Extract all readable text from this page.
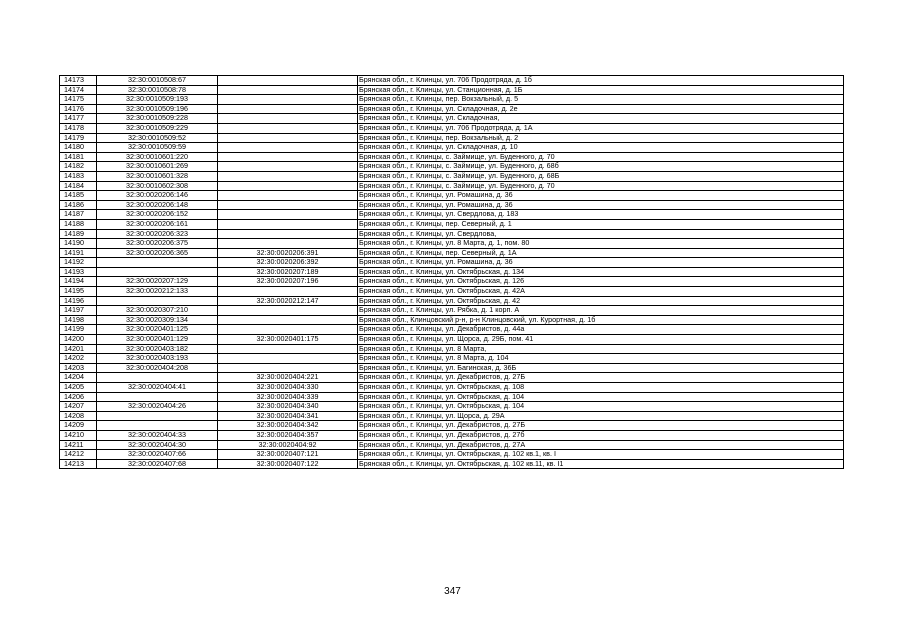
14173	32:30:0010508:67		Брянская обл., г. Клинцы, ул. 706 Продотряда, д. 1б
14174	32:30:0010508:78		Брянская обл., г. Клинцы, ул. Станционная, д. 1Б
14175	32:30:0010509:193		Брянская обл., г. Клинцы, пер. Вокзальный, д. 5
14176	32:30:0010509:196		Брянская обл., г. Клинцы, ул. Складочная, д. 2е
14177	32:30:0010509:228		Брянская обл., г. Клинцы, ул. Складочная,
14178	32:30:0010509:229		Брянская обл., г. Клинцы, ул. 706 Продотряда, д. 1А
14179	32:30:0010509:52		Брянская обл., г. Клинцы, пер. Вокзальный, д. 2
14180	32:30:0010509:59		Брянская обл., г. Клинцы, ул. Складочная, д. 10
14181	32:30:0010601:220		Брянская обл., г. Клинцы, с. Займище, ул. Буденного, д. 70
14182	32:30:0010601:269		Брянская обл., г. Клинцы, с. Займище, ул. Буденного, д. 68б
14183	32:30:0010601:328		Брянская обл., г. Клинцы, с. Займище, ул. Буденного, д. 68Б
14184	32:30:0010602:308		Брянская обл., г. Клинцы, с. Займище, ул. Буденного, д. 70
14185	32:30:0020206:146		Брянская обл., г. Клинцы, ул. Ромашина, д. 36
14186	32:30:0020206:148		Брянская обл., г. Клинцы, ул. Ромашина, д. 36
14187	32:30:0020206:152		Брянская обл., г. Клинцы, ул. Свердлова, д. 183
14188	32:30:0020206:161		Брянская обл., г. Клинцы, пер. Северный, д. 1
14189	32:30:0020206:323		Брянская обл., г. Клинцы, ул. Свердлова,
14190	32:30:0020206:375		Брянская обл., г. Клинцы, ул. 8 Марта, д. 1, пом. 80
14191	32:30:0020206:365	32:30:0020206:391	Брянская обл., г. Клинцы, пер. Северный, д. 1А
14192		32:30:0020206:392	Брянская обл., г. Клинцы, ул. Ромашина, д. 36
14193		32:30:0020207:189	Брянская обл., г. Клинцы, ул. Октябрьская, д. 134
14194	32:30:0020207:129	32:30:0020207:196	Брянская обл., г. Клинцы, ул. Октябрьская, д. 126
14195	32:30:0020212:133		Брянская обл., г. Клинцы, ул. Октябрьская, д. 42А
14196		32:30:0020212:147	Брянская обл., г. Клинцы, ул. Октябрьская, д. 42
14197	32:30:0020307:210		Брянская обл., г. Клинцы, ул. Рябка, д. 1 корп. А
14198	32:30:0020309:134		Брянская обл., Клинцовский р-н, р-н Клинцовский, ул. Курортная, д. 1б
14199	32:30:0020401:125		Брянская обл., г. Клинцы, ул. Декабристов, д. 44а
14200	32:30:0020401:129	32:30:0020401:175	Брянская обл., г. Клинцы, ул. Щорса, д. 29Б, пом. 41
14201	32:30:0020403:182		Брянская обл., г. Клинцы, ул. 8 Марта,
14202	32:30:0020403:193		Брянская обл., г. Клинцы, ул. 8 Марта, д. 104
14203	32:30:0020404:208		Брянская обл., г. Клинцы, ул. Багинская, д. 36Б
14204		32:30:0020404:221	Брянская обл., г. Клинцы, ул. Декабристов, д. 27Б
14205	32:30:0020404:41	32:30:0020404:330	Брянская обл., г. Клинцы, ул. Октябрьская, д. 108
14206		32:30:0020404:339	Брянская обл., г. Клинцы, ул. Октябрьская, д. 104
14207	32:30:0020404:26	32:30:0020404:340	Брянская обл., г. Клинцы, ул. Октябрьская, д. 104
14208		32:30:0020404:341	Брянская обл., г. Клинцы, ул. Щорса, д. 29А
14209		32:30:0020404:342	Брянская обл., г. Клинцы, ул. Декабристов, д. 27Б
14210	32:30:0020404:33	32:30:0020404:357	Брянская обл., г. Клинцы, ул. Декабристов, д. 27б
14211	32:30:0020404:30	32:30:0020404:92	Брянская обл., г. Клинцы, ул. Декабристов, д. 27А
14212	32:30:0020407:66	32:30:0020407:121	Брянская обл., г. Клинцы, ул. Октябрьская, д. 102 кв.1, кв. I
14213	32:30:0020407:68	32:30:0020407:122	Брянская обл., г. Клинцы, ул. Октябрьская, д. 102 кв.11, кв. I1
347
